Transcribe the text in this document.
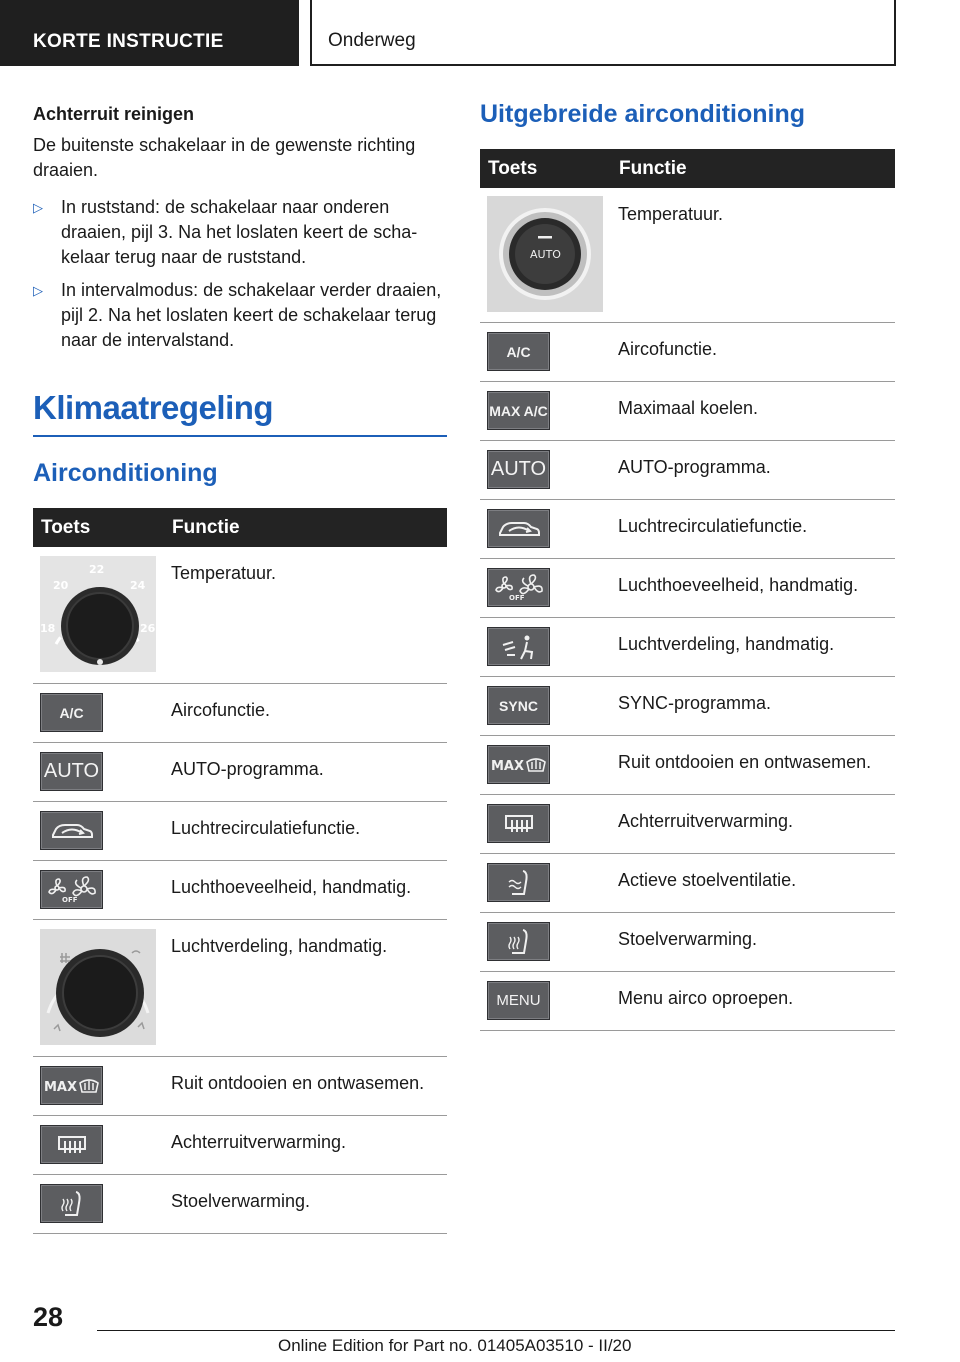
KORTE INSTRUCTIE	Onderweg
Achterruit reinigen
De buitenste schakelaar in de gewenste richting draaien.
▷ In ruststand: de schakelaar naar onderen draaien, pijl 3. Na het loslaten keert de schakelaar terug naar de ruststand.
▷ In intervalmodus: de schakelaar verder draaien, pijl 2. Na het loslaten keert de schakelaar terug naar de intervalstand.
Klimaatregeling
Airconditioning
Toets	Functie

22
20 24
18 26	Temperatuur.

A/C	Aircofunctie.

AUTO	AUTO-programma.

	Luchtrecirculatiefunctie.

OFF	Luchthoeveelheid, handmatig.

	Luchtverdeling, handmatig.

MAX	Ruit ontdooien en ontwasemen.

	Achterruitverwarming.

	Stoelverwarming.
Uitgebreide airconditioning
Toets	Functie

AUTO	Temperatuur.

A/C	Aircofunctie.

MAX A/C	Maximaal koelen.

AUTO	AUTO-programma.

	Luchtrecirculatiefunctie.

OFF	Luchthoeveelheid, handmatig.

	Luchtverdeling, handmatig.

SYNC	SYNC-programma.

MAX	Ruit ontdooien en ontwasemen.

	Achterruitverwarming.

	Actieve stoelventilatie.

	Stoelverwarming.

MENU	Menu airco oproepen.
28
Online Edition for Part no. 01405A03510 - II/20
